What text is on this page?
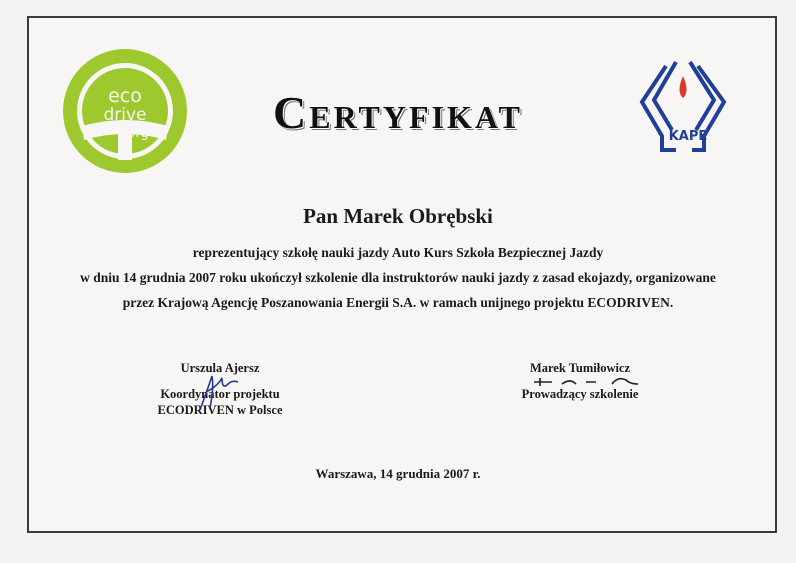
eco
drive
.org	KAPE
Certyfikat
Pan Marek Obrębski
reprezentujący szkołę nauki jazdy Auto Kurs Szkoła Bezpiecznej Jazdy
w dniu 14 grudnia 2007 roku ukończył szkolenie dla instruktorów nauki jazdy z zasad ekojazdy, organizowane
przez Krajową Agencję Poszanowania Energii S.A. w ramach unijnego projektu ECODRIVEN.
Urszula Ajersz
Koordynator projektu
ECODRIVEN w Polsce
Marek Tumiłowicz
Prowadzący szkolenie
Warszawa, 14 grudnia 2007 r.
